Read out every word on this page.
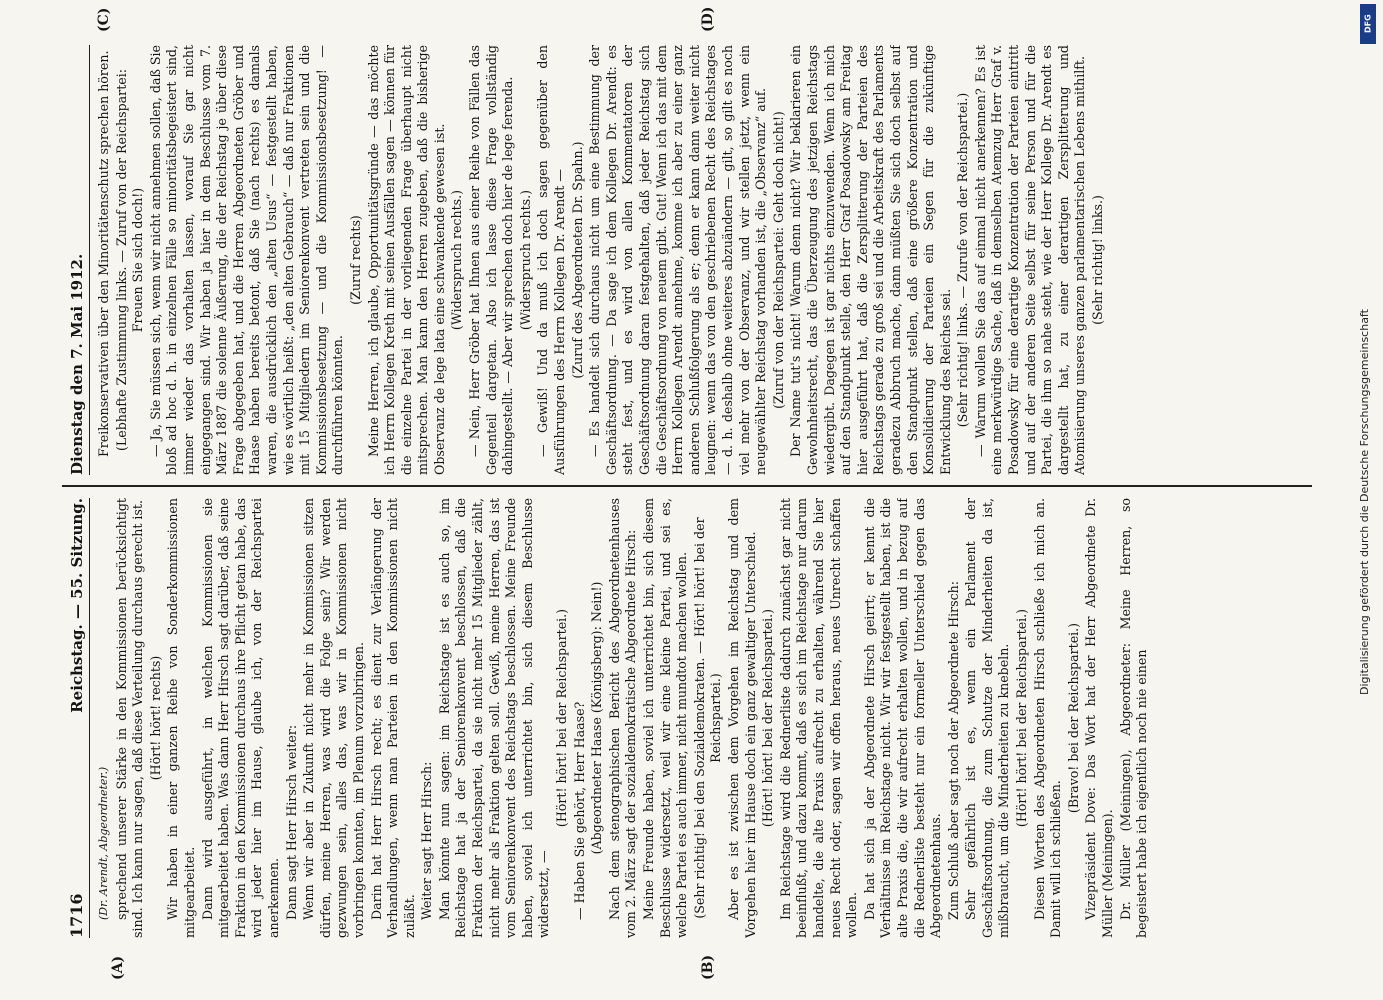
1716
Reichstag. — 55. Sitzung.
Dienstag den 7. Mai 1912.
(A)	(B)
(C)	(D)

(Dr. Arendt, Abgeordneter.) sprechend unserer Stärke in den Kommissionen berücksichtigt sind. Ich kann nur sagen, daß diese Verteilung durchaus gerecht ist. (Hört! hört! rechts) Wir haben in einer ganzen Reihe von Sonderkommissionen mitgearbeitet. Dann wird ausgeführt, in welchen Kommissionen sie mitgearbeitet haben. Was dann Herr Hirsch sagt darüber, daß seine Fraktion in den Kommissionen durchaus ihre Pflicht getan habe, das wird jeder hier im Hause, glaube ich, von der Reichspartei anerkennen. Dann sagt Herr Hirsch weiter: Wenn wir aber in Zukunft nicht mehr in Kommissionen sitzen dürfen, meine Herren, was wird die Folge sein? Wir werden gezwungen sein, alles das, was wir in Kommissionen nicht vorbringen konnten, im Plenum vorzubringen. Darin hat Herr Hirsch recht; es dient zur Verlängerung der Verhandlungen, wenn man Parteien in den Kommissionen nicht zuläßt. Weiter sagt Herr Hirsch: Man könnte nun sagen: im Reichstage ist es auch so, im Reichstage hat ja der Seniorenkonvent beschlossen, daß die Fraktion der Reichspartei, da sie nicht mehr 15 Mitglieder zählt, nicht mehr als Fraktion gelten soll. Gewiß, meine Herren, das ist vom Seniorenkonvent des Reichstags beschlossen. Meine Freunde haben, soviel ich unterrichtet bin, sich diesem Beschlusse widersetzt, —

(Hört! hört! bei der Reichspartei.) — Haben Sie gehört, Herr Haase? (Abgeordneter Haase (Königsberg): Nein!) Nach dem stenographischen Bericht des Abgeordnetenhauses vom 2. März sagt der sozialdemokratische Abgeordnete Hirsch: Meine Freunde haben, soviel ich unterrichtet bin, sich diesem Beschlusse widersetzt, weil wir eine kleine Partei, und sei es, welche Partei es auch immer, nicht mundtot machen wollen. (Sehr richtig! bei den Sozialdemokraten. — Hört! hört! bei der Reichspartei.) Aber es ist zwischen dem Vorgehen im Reichstag und dem Vorgehen hier im Hause doch ein ganz gewaltiger Unterschied. (Hört! hört! bei der Reichspartei.) Im Reichstage wird die Rednerliste dadurch zunächst gar nicht beeinflußt, und dazu kommt, daß es sich im Reichstage nur darum handelte, die alte Praxis aufrecht zu erhalten, während Sie hier neues Recht oder, sagen wir offen heraus, neues Unrecht schaffen wollen. Da hat sich ja der Abgeordnete Hirsch geirrt; er kennt die Verhältnisse im Reichstage nicht. Wir wir festgestellt haben, ist die alte Praxis die, die wir aufrecht erhalten wollen, und in bezug auf die Rednerliste besteht nur ein formeller Unterschied gegen das Abgeordnetenhaus. Zum Schluß aber sagt noch der Abgeordnete Hirsch: Sehr gefährlich ist es, wenn ein Parlament der Geschäftsordnung, die zum Schutze der Minderheiten da ist, mißbraucht, um die Minderheiten zu knebeln. (Hört! hört! bei der Reichspartei.) Diesen Worten des Abgeordneten Hirsch schließe ich mich an. Damit will ich schließen.

(Bravo! bei der Reichspartei.) Vizepräsident Dove: Das Wort hat der Herr Abgeordnete Dr. Müller (Meiningen). Dr. Müller (Meiningen), Abgeordneter: Meine Herren, so begeistert habe ich eigentlich noch nie einen

Freikonservativen über den Minoritätenschutz sprechen hören. (Lebhafte Zustimmung links. — Zuruf von der Reichspartei: Freuen Sie sich doch!) — Ja, Sie müssen sich, wenn wir nicht annehmen sollen, daß Sie bloß ad hoc d. h. in einzelnen Fälle so minoritätsbegeistert sind, immer wieder das vorhalten lassen, worauf Sie gar nicht eingegangen sind. Wir haben ja hier in dem Beschlusse vom 7. März 1887 die solenne Äußerung, die der Reichstag je über diese Frage abgegeben hat, und die Herren Abgeordneten Gröber und Haase haben bereits betont, daß Sie (nach rechts) es damals waren, die ausdrücklich den „alten Usus“ — festgestellt haben, wie es wörtlich heißt: „den alten Gebrauch“ — daß nur Fraktionen mit 15 Mitgliedern im Seniorenkonvent vertreten sein und die Kommissionsbesetzung — und die Kommissionsbesetzung! — durchführen könnten.

(Zuruf rechts) Meine Herren, ich glaube, Opportunitätsgründe — das möchte ich Herrn Kollegen Kreth mit seinen Ausfällen sagen — können für die einzelne Partei in der vorliegenden Frage überhaupt nicht mitsprechen. Man kann den Herren zugeben, daß die bisherige Observanz de lege lata eine schwankende gewesen ist. (Widerspruch rechts.) — Nein, Herr Gröber hat Ihnen aus einer Reihe von Fällen das Gegenteil dargetan. Also ich lasse diese Frage vollständig dahingestellt. — Aber wir sprechen doch hier de lege ferenda. (Widerspruch rechts.) — Gewiß! Und da muß ich doch sagen gegenüber den Ausführungen des Herrn Kollegen Dr. Arendt — (Zuruf des Abgeordneten Dr. Spahn.) — Es handelt sich durchaus nicht um eine Bestimmung der Geschäftsordnung. — Da sage ich dem Kollegen Dr. Arendt: es steht fest, und es wird von allen Kommentatoren der Geschäftsordnung daran festgehalten, daß jeder Reichstag sich die Geschäftsordnung von neuem gibt. Gut! Wenn ich das mit dem Herrn Kollegen Arendt annehme, komme ich aber zu einer ganz anderen Schlußfolgerung als er; denn er kann dann weiter nicht leugnen: wenn das von den geschriebenen Recht des Reichstages — d. h. deshalb ohne weiteres abzuändern — gilt, so gilt es noch viel mehr von der Observanz, und wir stellen jetzt, wenn ein neugewählter Reichstag vorhanden ist, die „Observanz“ auf. (Zuruf von der Reichspartei: Geht doch nicht!) Der Name tut's nicht! Warum denn nicht? Wir beklarieren ein Gewohnheitsrecht, das die Überzeugung des jetzigen Reichstags wiedergibt. Dagegen ist gar nichts einzuwenden. Wenn ich mich auf den Standpunkt stelle, den Herr Graf Posadowsky am Freitag hier ausgeführt hat, daß die Zersplitterung der Parteien des Reichstags gerade zu groß sei und die Arbeitskraft des Parlaments geradezu Abbruch mache, dann müßten Sie sich doch selbst auf den Standpunkt stellen, daß eine größere Konzentration und Konsolidierung der Parteien ein Segen für die zukünftige Entwicklung des Reiches sei. (Sehr richtig! links. — Zurufe von der Reichspartei.) — Warum wollen Sie das auf einmal nicht anerkennen? Es ist eine merkwürdige Sache, daß in demselben Atemzug Herr Graf v. Posadowsky für eine derartige Konzentration der Parteien eintritt und auf der anderen Seite selbst für seine Person und für die Partei, die ihm so nahe steht, wie der Herr Kollege Dr. Arendt es dargestellt hat, zu einer derartigen Zersplitterung und Atomisierung unseres ganzen parlamentarischen Lebens mithilft. (Sehr richtig! links.)

DFG
Digitalisierung gefördert durch die Deutsche Forschungsgemeinschaft
